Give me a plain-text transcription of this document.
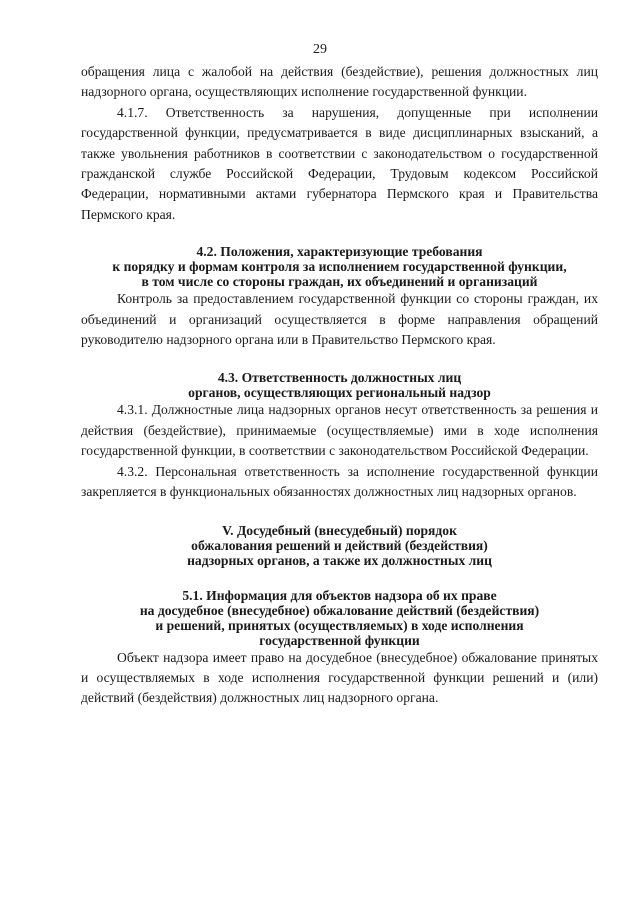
29

обращения лица с жалобой на действия (бездействие), решения должностных лиц надзорного органа, осуществляющих исполнение государственной функции.

4.1.7. Ответственность за нарушения, допущенные при исполнении государственной функции, предусматривается в виде дисциплинарных взысканий, а также увольнения работников в соответствии с законодательством о государственной гражданской службе Российской Федерации, Трудовым кодексом Российской Федерации, нормативными актами губернатора Пермского края и Правительства Пермского края.

4.2. Положения, характеризующие требования
к порядку и формам контроля за исполнением государственной функции,
в том числе со стороны граждан, их объединений и организаций

Контроль за предоставлением государственной функции со стороны граждан, их объединений и организаций осуществляется в форме направления обращений руководителю надзорного органа или в Правительство Пермского края.

4.3. Ответственность должностных лиц
органов, осуществляющих региональный надзор

4.3.1. Должностные лица надзорных органов несут ответственность за решения и действия (бездействие), принимаемые (осуществляемые) ими в ходе исполнения государственной функции, в соответствии с законодательством Российской Федерации.

4.3.2. Персональная ответственность за исполнение государственной функции закрепляется в функциональных обязанностях должностных лиц надзорных органов.

V. Досудебный (внесудебный) порядок
обжалования решений и действий (бездействия)
надзорных органов, а также их должностных лиц
5.1. Информация для объектов надзора об их праве
на досудебное (внесудебное) обжалование действий (бездействия)
и решений, принятых (осуществляемых) в ходе исполнения
государственной функции

Объект надзора имеет право на досудебное (внесудебное) обжалование принятых и осуществляемых в ходе исполнения государственной функции решений и (или) действий (бездействия) должностных лиц надзорного органа.
